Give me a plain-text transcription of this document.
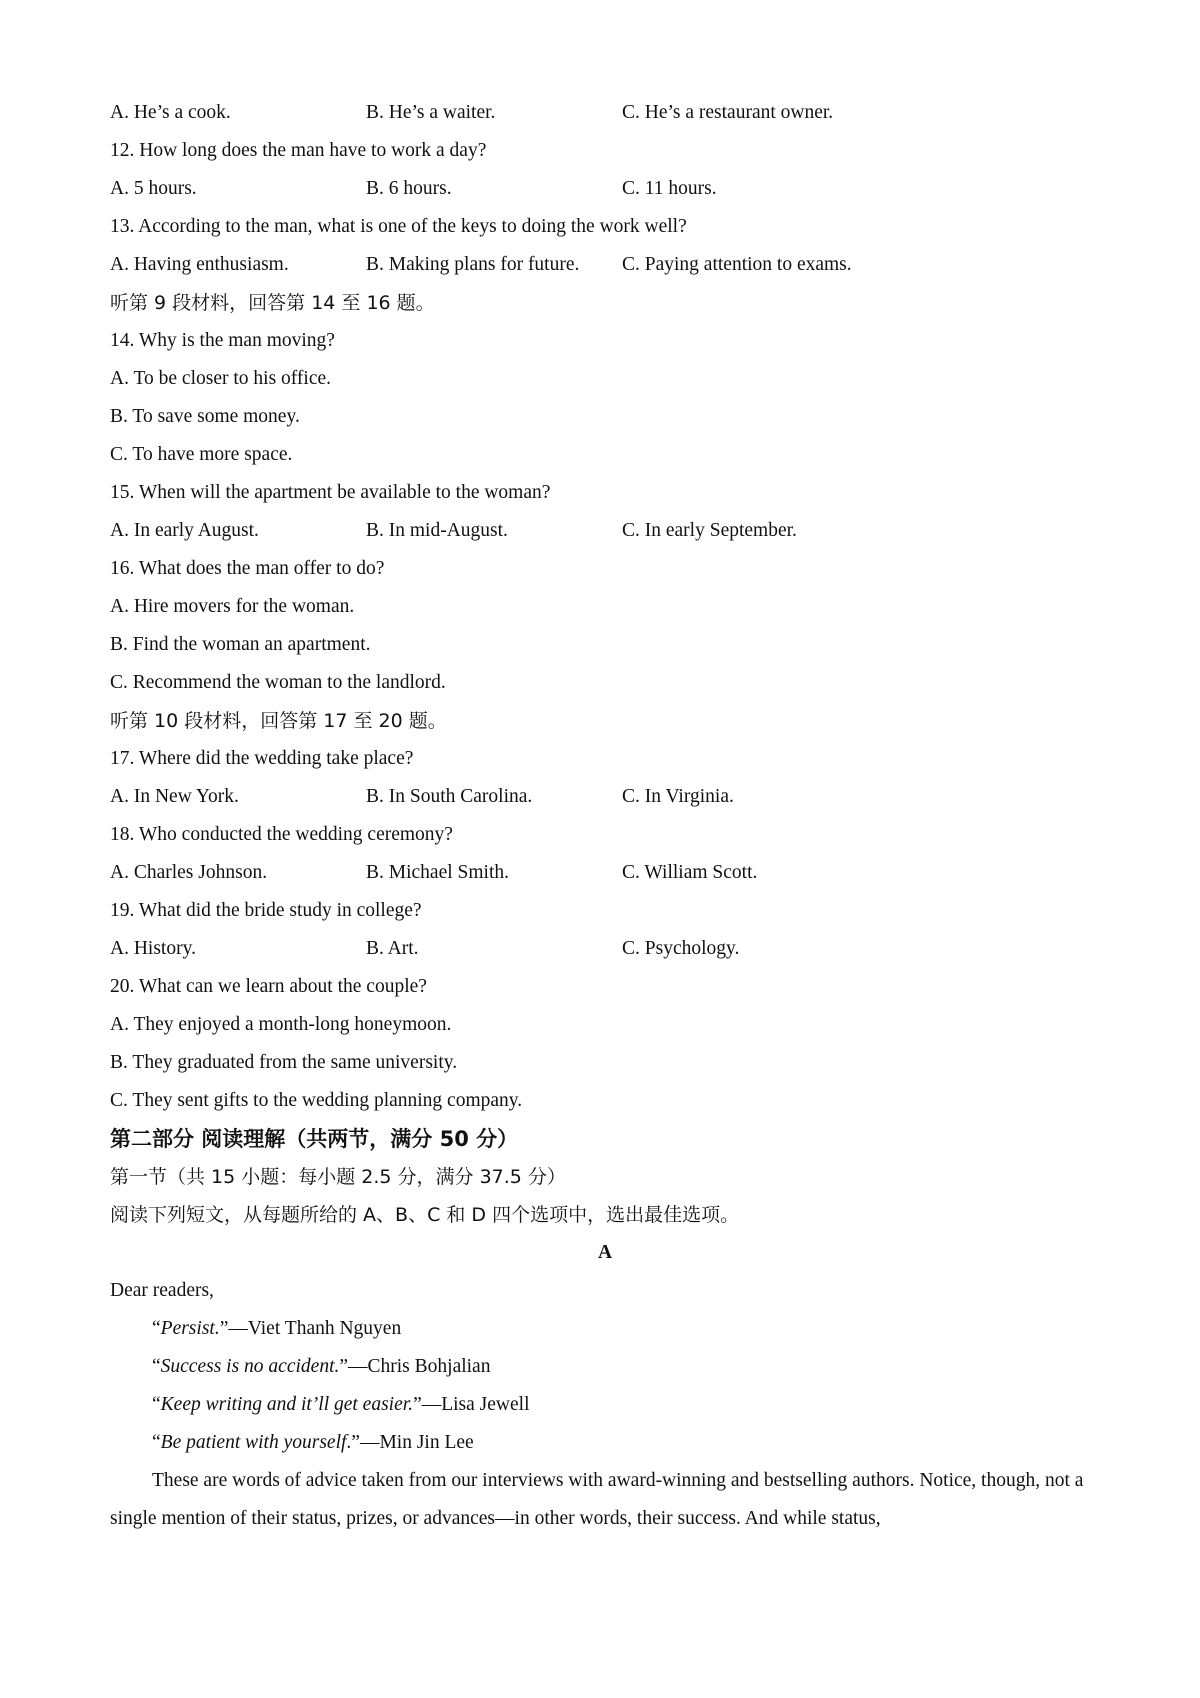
A. He’s a cook.	B. He’s a waiter.	C. He’s a restaurant owner.
12. How long does the man have to work a day?
A. 5 hours.	B. 6 hours.	C. 11 hours.
13. According to the man, what is one of the keys to doing the work well?
A. Having enthusiasm.	B. Making plans for future.	C. Paying attention to exams.
听第 9 段材料，回答第 14 至 16 题。
14. Why is the man moving?
A. To be closer to his office.
B. To save some money.
C. To have more space.
15. When will the apartment be available to the woman?
A. In early August.	B. In mid-August.	C. In early September.
16. What does the man offer to do?
A. Hire movers for the woman.
B. Find the woman an apartment.
C. Recommend the woman to the landlord.
听第 10 段材料，回答第 17 至 20 题。
17. Where did the wedding take place?
A. In New York.	B. In South Carolina.	C. In Virginia.
18. Who conducted the wedding ceremony?
A. Charles Johnson.	B. Michael Smith.	C. William Scott.
19. What did the bride study in college?
A. History.	B. Art.	C. Psychology.
20. What can we learn about the couple?
A. They enjoyed a month-long honeymoon.
B. They graduated from the same university.
C. They sent gifts to the wedding planning company.
第二部分 阅读理解（共两节，满分 50 分）
第一节（共 15 小题：每小题 2.5 分，满分 37.5 分）
阅读下列短文，从每题所给的 A、B、C 和 D 四个选项中，选出最佳选项。
A
Dear readers,
“Persist.”—Viet Thanh Nguyen
“Success is no accident.”—Chris Bohjalian
“Keep writing and it’ll get easier.”—Lisa Jewell
“Be patient with yourself.”—Min Jin Lee
These are words of advice taken from our interviews with award-winning and bestselling authors. Notice, though, not a single mention of their status, prizes, or advances—in other words, their success. And while status,
